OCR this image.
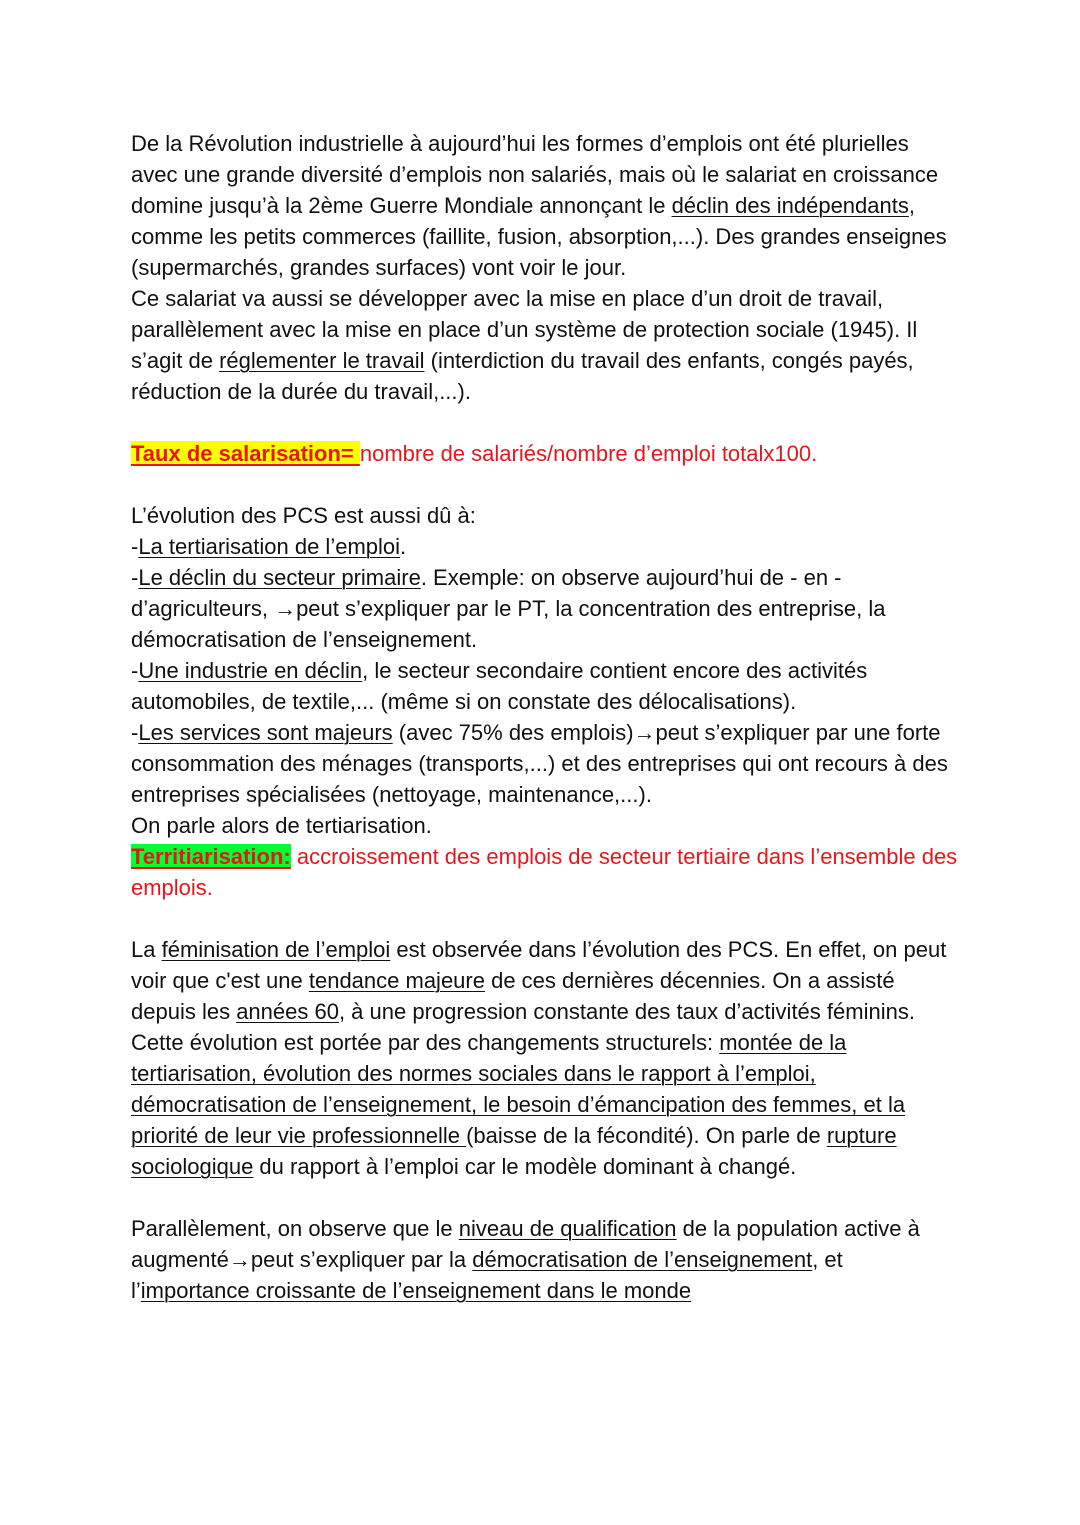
De la Révolution industrielle à aujourd’hui les formes d’emplois ont été plurielles avec une grande diversité d’emplois non salariés, mais où le salariat en croissance domine jusqu’à la 2ème Guerre Mondiale annonçant le déclin des indépendants, comme les petits commerces (faillite, fusion, absorption,...). Des grandes enseignes (supermarchés, grandes surfaces) vont voir le jour.

Ce salariat va aussi se développer avec la mise en place d’un droit de travail, parallèlement avec la mise en place d’un système de protection sociale (1945). Il s’agit de réglementer le travail (interdiction du travail des enfants, congés payés, réduction de la durée du travail,...).

Taux de salarisation= nombre de salariés/nombre d’emploi totalx100.

L’évolution des PCS est aussi dû à:

-La tertiarisation de l’emploi.

-Le déclin du secteur primaire. Exemple: on observe aujourd’hui de - en - d’agriculteurs, →peut s’expliquer par le PT, la concentration des entreprise, la démocratisation de l’enseignement.

-Une industrie en déclin, le secteur secondaire contient encore des activités automobiles, de textile,... (même si on constate des délocalisations).

-Les services sont majeurs (avec 75% des emplois)→peut s’expliquer par une forte consommation des ménages (transports,...) et des entreprises qui ont recours à des entreprises spécialisées (nettoyage, maintenance,...).

On parle alors de tertiarisation.

Territiarisation: accroissement des emplois de secteur tertiaire dans l’ensemble des emplois.

La féminisation de l’emploi est observée dans l’évolution des PCS. En effet, on peut voir que c'est une tendance majeure de ces dernières décennies. On a assisté depuis les années 60, à une progression constante des taux d’activités féminins. Cette évolution est portée par des changements structurels: montée de la tertiarisation, évolution des normes sociales dans le rapport à l’emploi, démocratisation de l’enseignement, le besoin d’émancipation des femmes, et la priorité de leur vie professionnelle (baisse de la fécondité). On parle de rupture sociologique du rapport à l’emploi car le modèle dominant à changé.

Parallèlement, on observe que le niveau de qualification de la population active à augmenté→peut s’expliquer par la démocratisation de l’enseignement, et l’importance croissante de l’enseignement dans le monde
